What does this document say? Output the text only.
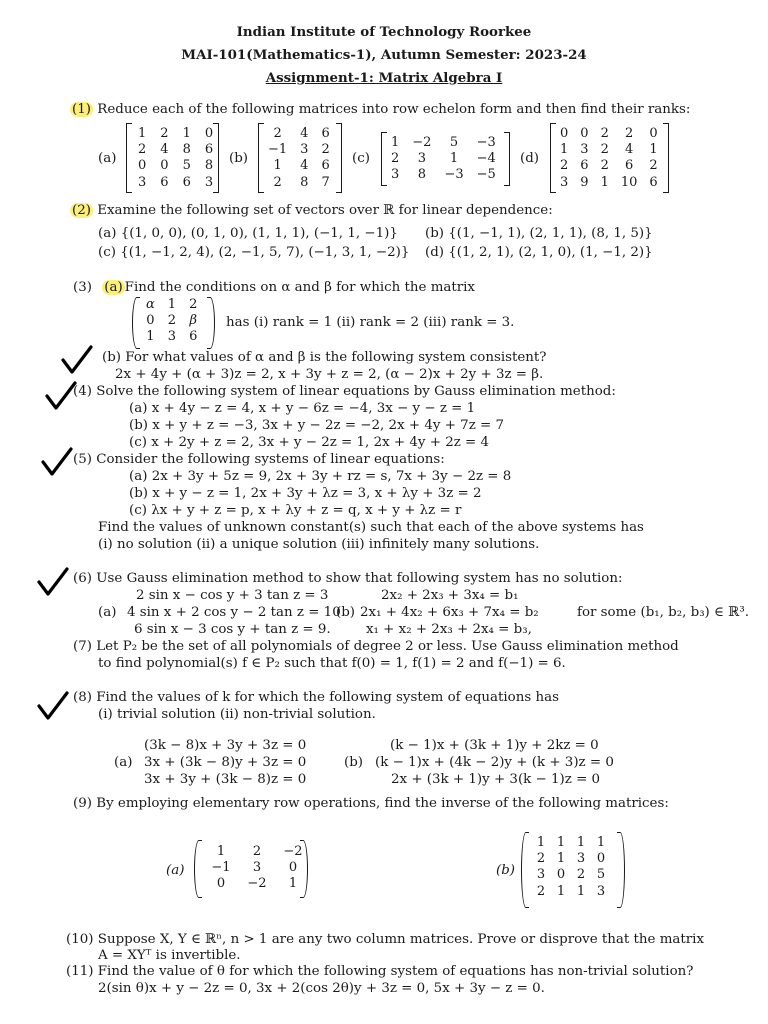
Indian Institute of Technology Roorkee
MAI-101(Mathematics-1), Autumn Semester: 2023-24
Assignment-1: Matrix Algebra I
(1) Reduce each of the following matrices into row echelon form and then find their ranks:
(a)
1 2 1 0
2 4 8 6
0 0 5 8
3 6 6 3
(b)
2	4 6
−1 3 2
1	4 6
2	8 7
(c)
1 −2	5	−3
2	3	1	−4
3	8	−3 −5
(d)
0 0 2	2	0
1 3 2	4	1
2 6 2	6	2
3 9 1 10 6
(2) Examine the following set of vectors over ℝ for linear dependence:
(a) {(1, 0, 0), (0, 1, 0), (1, 1, 1), (−1, 1, −1)} (b) {(1, −1, 1), (2, 1, 1), (8, 1, 5)}
(c) {(1, −1, 2, 4), (2, −1, 5, 7), (−1, 3, 1, −2)} (d) {(1, 2, 1), (2, 1, 0), (1, −1, 2)}
(3) (a) Find the conditions on α and β for which the matrix
α 1 2
0 2 β
1 3 6
has (i) rank = 1 (ii) rank = 2 (iii) rank = 3.
(b) For what values of α and β is the following system consistent?
2x + 4y + (α + 3)z = 2, x + 3y + z = 2, (α − 2)x + 2y + 3z = β.
(4) Solve the following system of linear equations by Gauss elimination method:
(a) x + 4y − z = 4, x + y − 6z = −4, 3x − y − z = 1
(b) x + y + z = −3, 3x + y − 2z = −2, 2x + 4y + 7z = 7
(c) x + 2y + z = 2, 3x + y − 2z = 1, 2x + 4y + 2z = 4
(5) Consider the following systems of linear equations:
(a) 2x + 3y + 5z = 9, 2x + 3y + rz = s, 7x + 3y − 2z = 8
(b) x + y − z = 1, 2x + 3y + λz = 3, x + λy + 3z = 2
(c) λx + y + z = p, x + λy + z = q, x + y + λz = r
Find the values of unknown constant(s) such that each of the above systems has
(i) no solution (ii) a unique solution (iii) infinitely many solutions.
(6) Use Gauss elimination method to show that following system has no solution:
2 sin x − cos y + 3 tan z = 3
(a) 4 sin x + 2 cos y − 2 tan z = 10
6 sin x − 3 cos y + tan z = 9.
2x₂ + 2x₃ + 3x₄ = b₁
(b) 2x₁ + 4x₂ + 6x₃ + 7x₄ = b₂	for some (b₁, b₂, b₃) ∈ ℝ³.
x₁ + x₂ + 2x₃ + 2x₄ = b₃,
(7) Let P₂ be the set of all polynomials of degree 2 or less. Use Gauss elimination method
to find polynomial(s) f ∈ P₂ such that f(0) = 1, f(1) = 2 and f(−1) = 6.
(8) Find the values of k for which the following system of equations has
(i) trivial solution (ii) non-trivial solution.
(3k − 8)x + 3y + 3z = 0
(a) 3x + (3k − 8)y + 3z = 0
3x + 3y + (3k − 8)z = 0
(k − 1)x + (3k + 1)y + 2kz = 0
(b) (k − 1)x + (4k − 2)y + (k + 3)z = 0
2x + (3k + 1)y + 3(k − 1)z = 0
(9) By employing elementary row operations, find the inverse of the following matrices:
(a)
1	2	−2
−1	3	0
0	−2	1
(b)
1 1 1 1
2 1 3 0
3 0 2 5
2 1 1 3
(10) Suppose X, Y ∈ ℝⁿ, n > 1 are any two column matrices. Prove or disprove that the matrix
A = XYᵀ is invertible.
(11) Find the value of θ for which the following system of equations has non-trivial solution?
2(sin θ)x + y − 2z = 0, 3x + 2(cos 2θ)y + 3z = 0, 5x + 3y − z = 0.
